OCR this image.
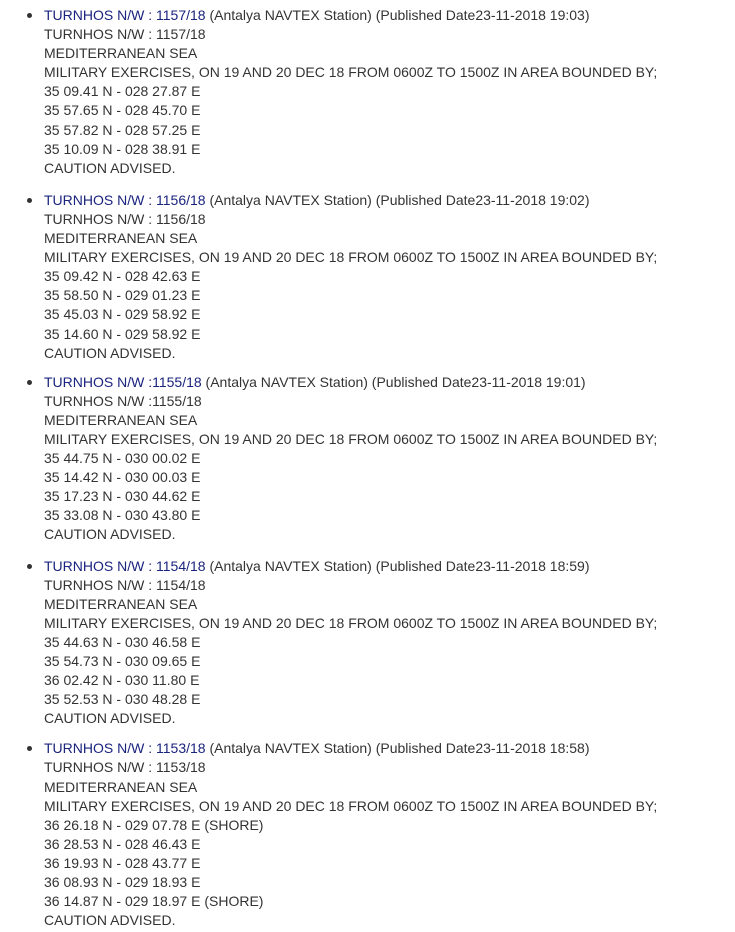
TURNHOS N/W : 1157/18 (Antalya NAVTEX Station) (Published Date23-11-2018 19:03)
TURNHOS N/W : 1157/18
MEDITERRANEAN SEA
MILITARY EXERCISES, ON 19 AND 20 DEC 18 FROM 0600Z TO 1500Z IN AREA BOUNDED BY;
35 09.41 N - 028 27.87 E
35 57.65 N - 028 45.70 E
35 57.82 N - 028 57.25 E
35 10.09 N - 028 38.91 E
CAUTION ADVISED.
TURNHOS N/W : 1156/18 (Antalya NAVTEX Station) (Published Date23-11-2018 19:02)
TURNHOS N/W : 1156/18
MEDITERRANEAN SEA
MILITARY EXERCISES, ON 19 AND 20 DEC 18 FROM 0600Z TO 1500Z IN AREA BOUNDED BY;
35 09.42 N - 028 42.63 E
35 58.50 N - 029 01.23 E
35 45.03 N - 029 58.92 E
35 14.60 N - 029 58.92 E
CAUTION ADVISED.
TURNHOS N/W :1155/18 (Antalya NAVTEX Station) (Published Date23-11-2018 19:01)
TURNHOS N/W :1155/18
MEDITERRANEAN SEA
MILITARY EXERCISES, ON 19 AND 20 DEC 18 FROM 0600Z TO 1500Z IN AREA BOUNDED BY;
35 44.75 N - 030 00.02 E
35 14.42 N - 030 00.03 E
35 17.23 N - 030 44.62 E
35 33.08 N - 030 43.80 E
CAUTION ADVISED.
TURNHOS N/W : 1154/18 (Antalya NAVTEX Station) (Published Date23-11-2018 18:59)
TURNHOS N/W : 1154/18
MEDITERRANEAN SEA
MILITARY EXERCISES, ON 19 AND 20 DEC 18 FROM 0600Z TO 1500Z IN AREA BOUNDED BY;
35 44.63 N - 030 46.58 E
35 54.73 N - 030 09.65 E
36 02.42 N - 030 11.80 E
35 52.53 N - 030 48.28 E
CAUTION ADVISED.
TURNHOS N/W : 1153/18 (Antalya NAVTEX Station) (Published Date23-11-2018 18:58)
TURNHOS N/W : 1153/18
MEDITERRANEAN SEA
MILITARY EXERCISES, ON 19 AND 20 DEC 18 FROM 0600Z TO 1500Z IN AREA BOUNDED BY;
36 26.18 N - 029 07.78 E (SHORE)
36 28.53 N - 028 46.43 E
36 19.93 N - 028 43.77 E
36 08.93 N - 029 18.93 E
36 14.87 N - 029 18.97 E (SHORE)
CAUTION ADVISED.
